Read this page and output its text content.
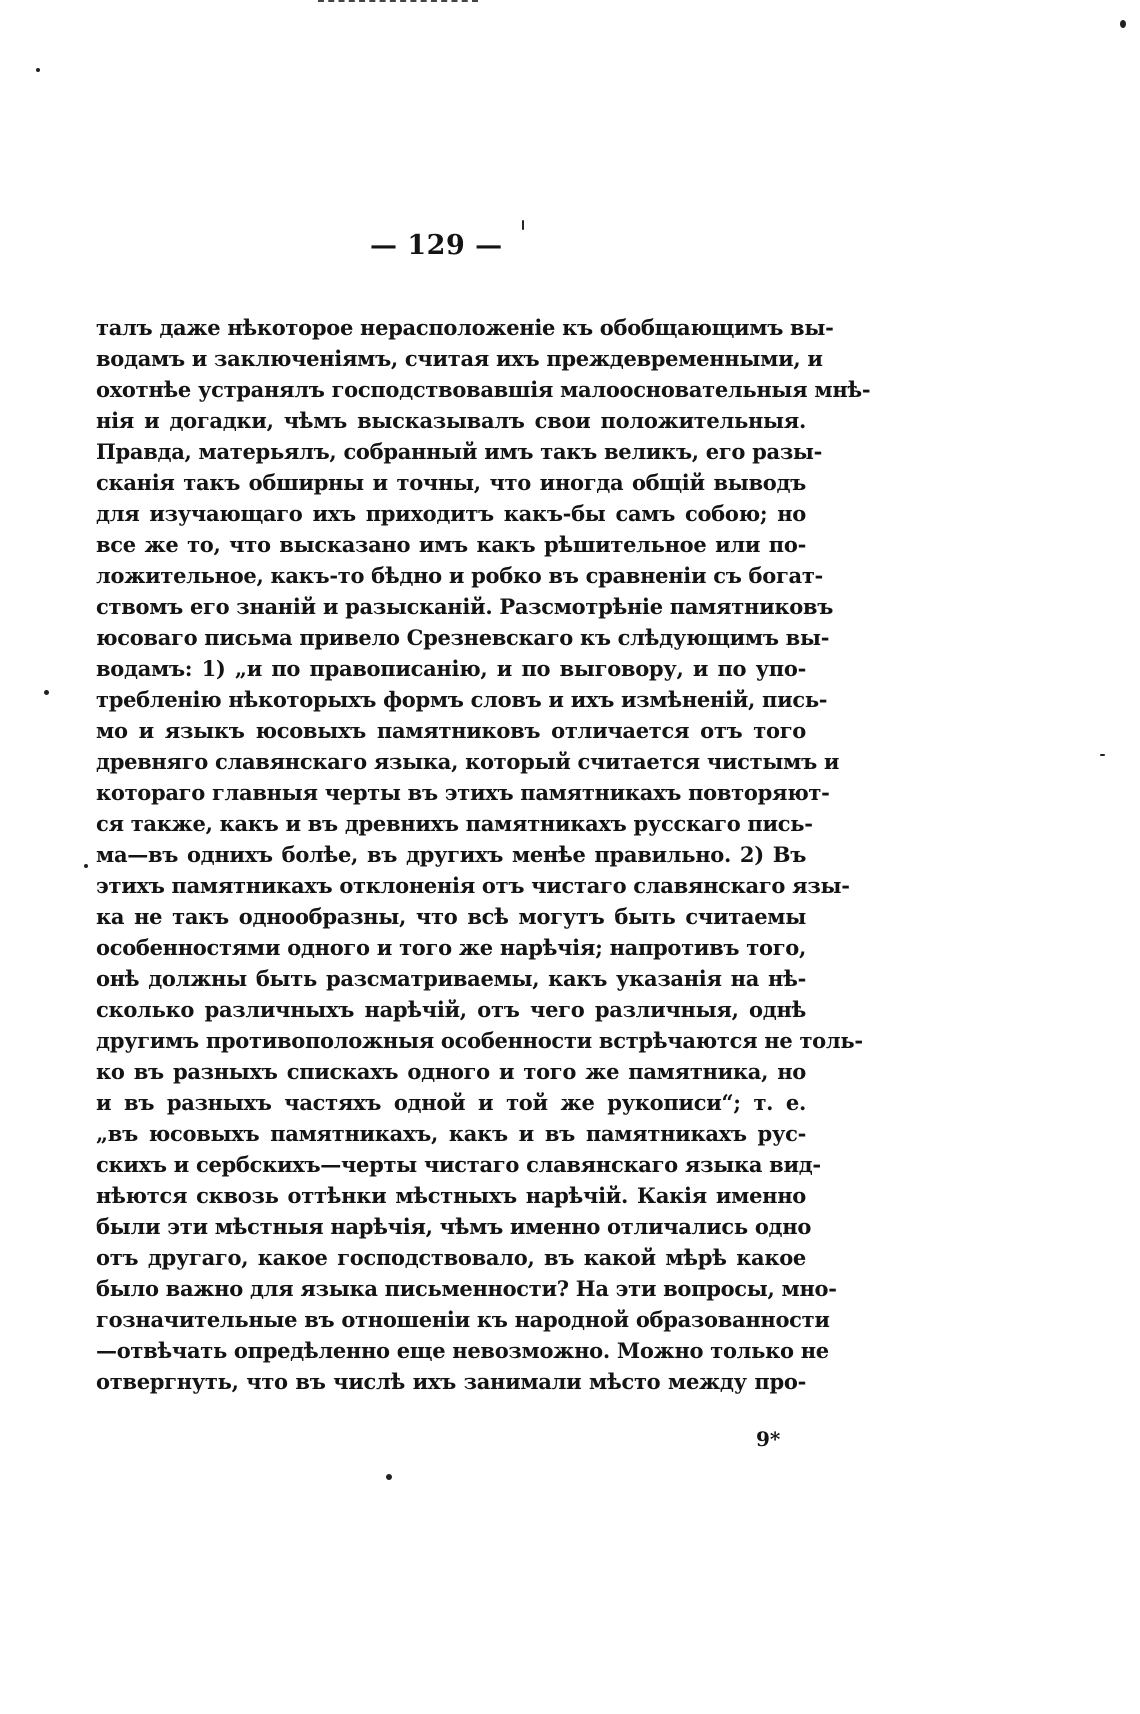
— 129 —
талъ даже нѣкоторое нерасположеніе къ обобщающимъ вы-
водамъ и заключеніямъ, считая ихъ преждевременными, и
охотнѣе устранялъ господствовавшія малоосновательныя мнѣ-
нія и догадки, чѣмъ высказывалъ свои положительныя.
Правда, матерьялъ, собранный имъ такъ великъ, его разы-
сканія такъ обширны и точны, что иногда общій выводъ
для изучающаго ихъ приходитъ какъ-бы самъ собою; но
все же то, что высказано имъ какъ рѣшительное или по-
ложительное, какъ-то бѣдно и робко въ сравненіи съ богат-
ствомъ его знаній и разысканій. Разсмотрѣніе памятниковъ
юсоваго письма привело Срезневскаго къ слѣдующимъ вы-
водамъ: 1) „и по правописанію, и по выговору, и по упо-
требленію нѣкоторыхъ формъ словъ и ихъ измѣненій, пись-
мо и языкъ юсовыхъ памятниковъ отличается отъ того
древняго славянскаго языка, который считается чистымъ и
котораго главныя черты въ этихъ памятникахъ повторяют-
ся также, какъ и въ древнихъ памятникахъ русскаго пись-
ма—въ однихъ болѣе, въ другихъ менѣе правильно. 2) Въ
этихъ памятникахъ отклоненія отъ чистаго славянскаго язы-
ка не такъ однообразны, что всѣ могутъ быть считаемы
особенностями одного и того же нарѣчія; напротивъ того,
онѣ должны быть разсматриваемы, какъ указанія на нѣ-
сколько различныхъ нарѣчій, отъ чего различныя, однѣ
другимъ противоположныя особенности встрѣчаются не толь-
ко въ разныхъ спискахъ одного и того же памятника, но
и въ разныхъ частяхъ одной и той же рукописи“; т. е.
„въ юсовыхъ памятникахъ, какъ и въ памятникахъ рус-
скихъ и сербскихъ—черты чистаго славянскаго языка вид-
нѣются сквозь оттѣнки мѣстныхъ нарѣчій. Какія именно
были эти мѣстныя нарѣчія, чѣмъ именно отличались одно
отъ другаго, какое господствовало, въ какой мѣрѣ какое
было важно для языка письменности? На эти вопросы, мно-
гозначительные въ отношеніи къ народной образованности
—отвѣчать опредѣленно еще невозможно. Можно только не
отвергнуть, что въ числѣ ихъ занимали мѣсто между про-
9*
